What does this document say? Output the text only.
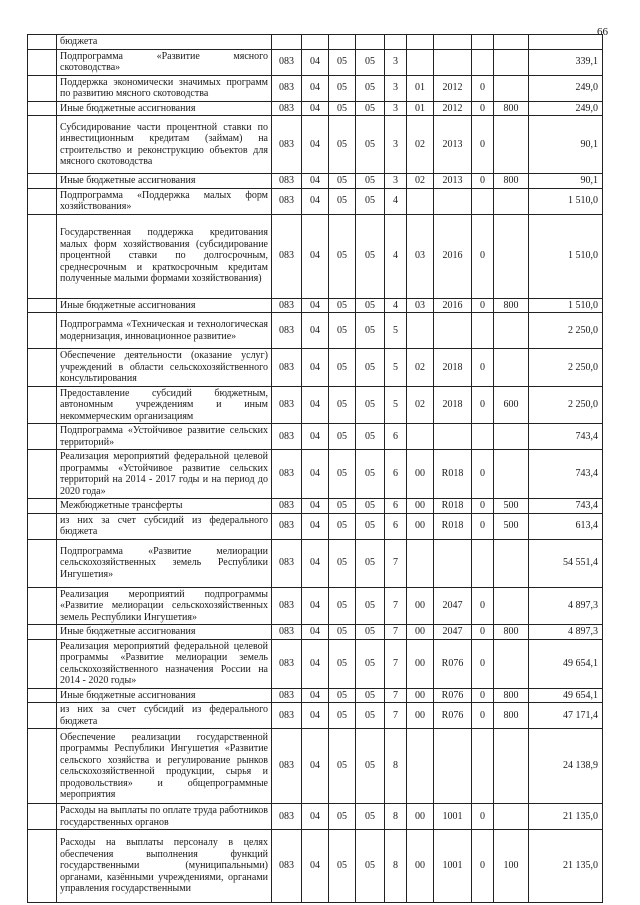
66
	бюджета										
	Подпрограмма «Развитие мясного скотоводства»	083	04	05	05	3					339,1
	Поддержка экономически значимых программ по развитию мясного скотоводства	083	04	05	05	3	01	2012	0		249,0
	Иные бюджетные ассигнования	083	04	05	05	3	01	2012	0	800	249,0
	Субсидирование части процентной ставки по инвестиционным кредитам (займам) на строительство и реконструкцию объектов для мясного скотоводства	083	04	05	05	3	02	2013	0		90,1
	Иные бюджетные ассигнования	083	04	05	05	3	02	2013	0	800	90,1
	Подпрограмма «Поддержка малых форм хозяйствования»	083	04	05	05	4					1 510,0
	Государственная поддержка кредитования малых форм хозяйствования (субсидирование процентной ставки по долгосрочным, среднесрочным и краткосрочным кредитам полученные малыми формами хозяйствования)	083	04	05	05	4	03	2016	0		1 510,0
	Иные бюджетные ассигнования	083	04	05	05	4	03	2016	0	800	1 510,0
	Подпрограмма «Техническая и технологическая модернизация, инновационное развитие»	083	04	05	05	5					2 250,0
	Обеспечение деятельности (оказание услуг) учреждений в области сельскохозяйственного консультирования	083	04	05	05	5	02	2018	0		2 250,0
	Предоставление субсидий бюджетным, автономным учреждениям и иным некоммерческим организациям	083	04	05	05	5	02	2018	0	600	2 250,0
	Подпрограмма «Устойчивое развитие сельских территорий»	083	04	05	05	6					743,4
	Реализация мероприятий федеральной целевой программы «Устойчивое развитие сельских территорий на 2014 - 2017 годы и на период до 2020 года»	083	04	05	05	6	00	R018	0		743,4
	Межбюджетные трансферты	083	04	05	05	6	00	R018	0	500	743,4
	из них за счет субсидий из федерального бюджета	083	04	05	05	6	00	R018	0	500	613,4
	Подпрограмма «Развитие мелиорации сельскохозяйственных земель Республики Ингушетия»	083	04	05	05	7					54 551,4
	Реализация мероприятий подпрограммы «Развитие мелиорации сельскохозяйственных земель Республики Ингушетия»	083	04	05	05	7	00	2047	0		4 897,3
	Иные бюджетные ассигнования	083	04	05	05	7	00	2047	0	800	4 897,3
	Реализация мероприятий федеральной целевой программы «Развитие мелиорации земель сельскохозяйственного назначения России на 2014 - 2020 годы»	083	04	05	05	7	00	R076	0		49 654,1
	Иные бюджетные ассигнования	083	04	05	05	7	00	R076	0	800	49 654,1
	из них за счет субсидий из федерального бюджета	083	04	05	05	7	00	R076	0	800	47 171,4
	Обеспечение реализации государственной программы Республики Ингушетия «Развитие сельского хозяйства и регулирование рынков сельскохозяйственной продукции, сырья и продовольствия» и общепрограммные мероприятия	083	04	05	05	8					24 138,9
	Расходы на выплаты по оплате труда работников государственных органов	083	04	05	05	8	00	1001	0		21 135,0
	Расходы на выплаты персоналу в целях обеспечения выполнения функций государственными (муниципальными) органами, казёнными учреждениями, органами управления государственными	083	04	05	05	8	00	1001	0	100	21 135,0
